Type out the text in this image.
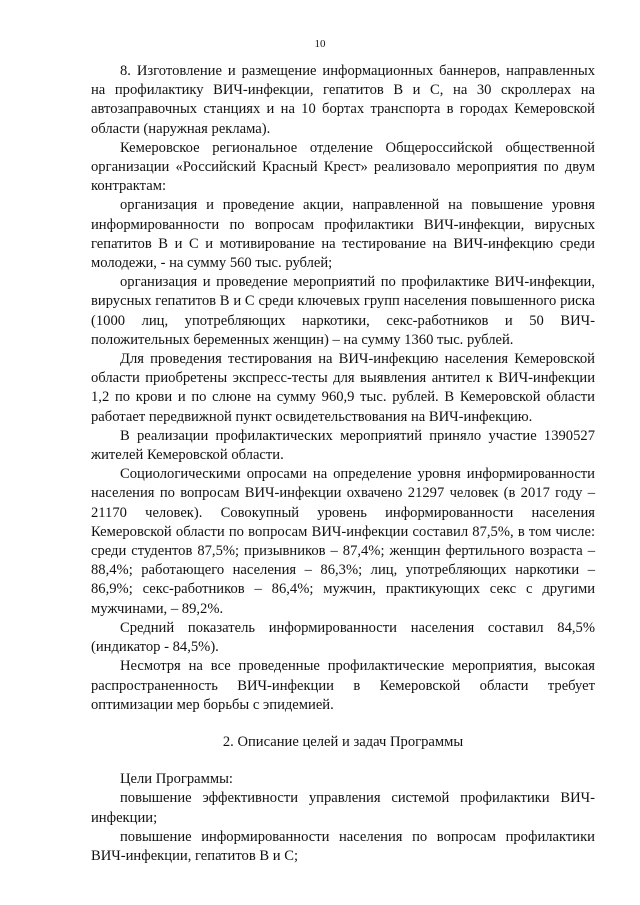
10

8. Изготовление и размещение информационных баннеров, направленных на профилактику ВИЧ-инфекции, гепатитов В и С, на 30 скроллерах на автозаправочных станциях и на 10 бортах транспорта в городах Кемеровской области (наружная реклама).

Кемеровское региональное отделение Общероссийской общественной организации «Российский Красный Крест» реализовало мероприятия по двум контрактам:

организация и проведение акции, направленной на повышение уровня информированности по вопросам профилактики ВИЧ-инфекции, вирусных гепатитов В и С и мотивирование на тестирование на ВИЧ-инфекцию среди молодежи, - на сумму 560 тыс. рублей;

организация и проведение мероприятий по профилактике ВИЧ-инфекции, вирусных гепатитов В и С среди ключевых групп населения повышенного риска (1000 лиц, употребляющих наркотики, секс-работников и 50 ВИЧ-положительных беременных женщин) – на сумму 1360 тыс. рублей.

Для проведения тестирования на ВИЧ-инфекцию населения Кемеровской области приобретены экспресс-тесты для выявления антител к ВИЧ-инфекции 1,2 по крови и по слюне на сумму 960,9 тыс. рублей. В Кемеровской области работает передвижной пункт освидетельствования на ВИЧ-инфекцию.

В реализации профилактических мероприятий приняло участие 1390527 жителей Кемеровской области.

Социологическими опросами на определение уровня информированности населения по вопросам ВИЧ-инфекции охвачено 21297 человек (в 2017 году – 21170 человек). Совокупный уровень информированности населения Кемеровской области по вопросам ВИЧ-инфекции составил 87,5%, в том числе: среди студентов 87,5%; призывников – 87,4%; женщин фертильного возраста – 88,4%; работающего населения – 86,3%; лиц, употребляющих наркотики – 86,9%; секс-работников – 86,4%; мужчин, практикующих секс с другими мужчинами, – 89,2%.

Средний показатель информированности населения составил 84,5% (индикатор - 84,5%).

Несмотря на все проведенные профилактические мероприятия, высокая распространенность ВИЧ-инфекции в Кемеровской области требует оптимизации мер борьбы с эпидемией.

2. Описание целей и задач Программы

Цели Программы:

повышение эффективности управления системой профилактики ВИЧ-инфекции;

повышение информированности населения по вопросам профилактики ВИЧ-инфекции, гепатитов В и С;
